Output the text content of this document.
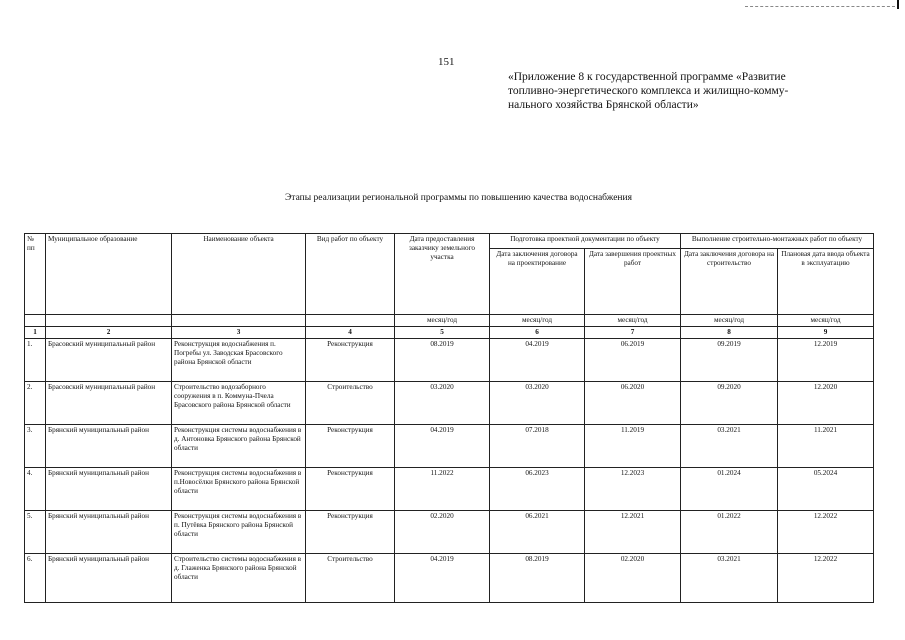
151
«Приложение 8 к государственной программе «Развитие
топливно-энергетического комплекса и жилищно-комму-
нального хозяйства Брянской области»
Этапы реализации региональной программы по повышению качества водоснабжения
№ пп	Муниципальное образование	Наименование объекта	Вид работ по объекту	Дата предоставления заказчику земельного участка	Подготовка проектной документации по объекту		Выполнение строительно-монтажных работ по объекту	
					Дата заключения договора на проектирование	Дата завершения проектных работ	Дата заключения договора на строительство	Плановая дата ввода объекта в эксплуатацию
				месяц/год	месяц/год	месяц/год	месяц/год	месяц/год
1	2	3	4	5	6	7	8	9
1.	Брасовский муниципальный район	Реконструкция водоснабжения п. Погребы ул. Заводская Брасовского района Брянской области	Реконструкция	08.2019	04.2019	06.2019	09.2019	12.2019
2.	Брасовский муниципальный район	Строительство водозаборного сооружения в п. Коммуна-Пчела Брасовского района Брянской области	Строительство	03.2020	03.2020	06.2020	09.2020	12.2020
3.	Брянский муниципальный район	Реконструкция системы водоснабжения в д. Антоновка Брянского района Брянской области	Реконструкция	04.2019	07.2018	11.2019	03.2021	11.2021
4.	Брянский муниципальный район	Реконструкция системы водоснабжения в п.Новосёлки Брянского района Брянской области	Реконструкция	11.2022	06.2023	12.2023	01.2024	05.2024
5.	Брянский муниципальный район	Реконструкция системы водоснабжения в п. Путёвка Брянского района Брянской области	Реконструкция	02.2020	06.2021	12.2021	01.2022	12.2022
6.	Брянский муниципальный район	Строительство системы водоснабжения в д. Глаженка Брянского района Брянской области	Строительство	04.2019	08.2019	02.2020	03.2021	12.2022
